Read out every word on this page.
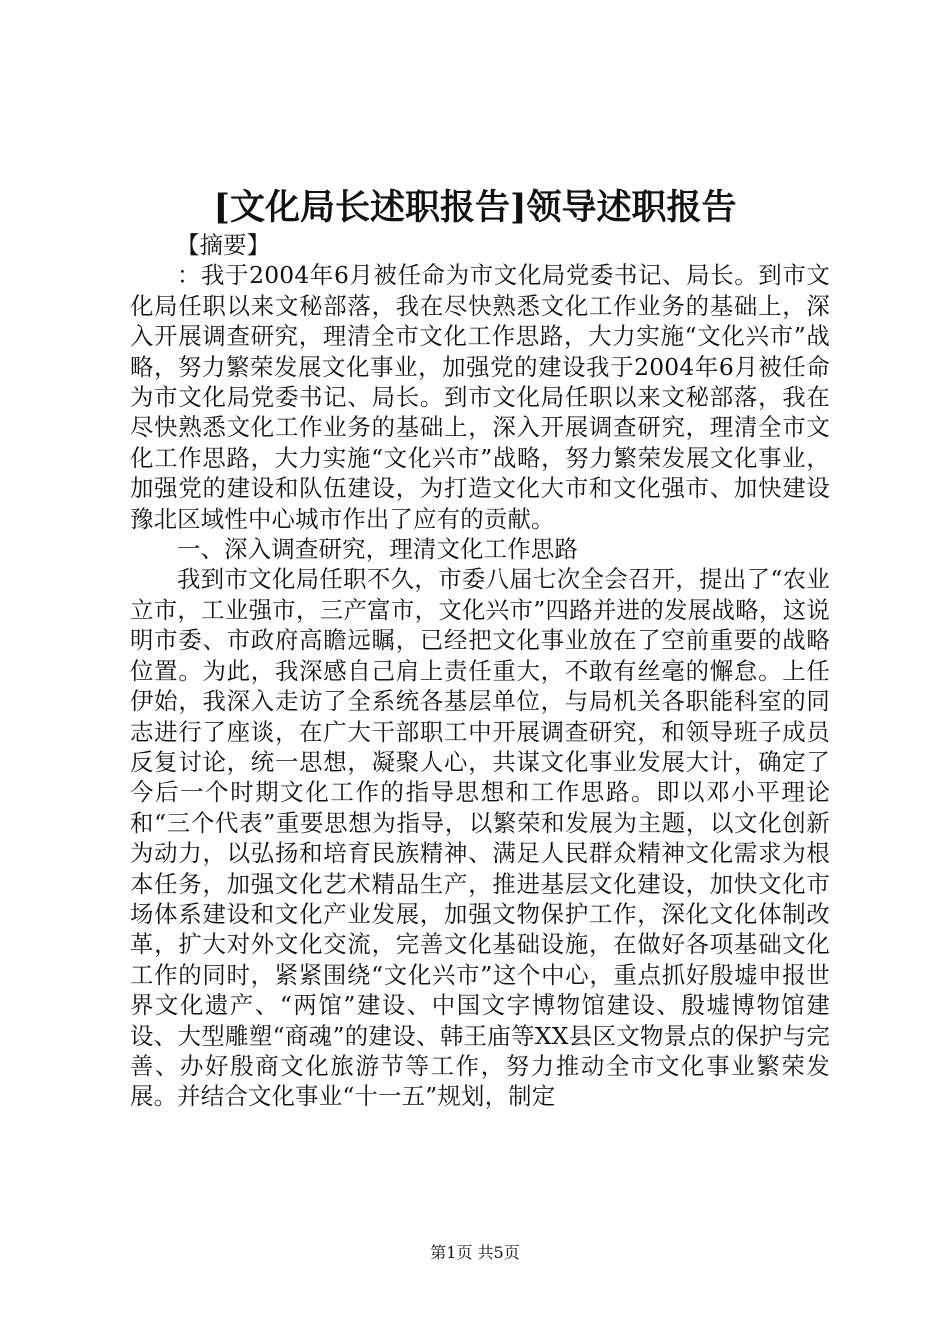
[文化局长述职报告]领导述职报告

【摘要】

：我于2004年6月被任命为市文化局党委书记、局长。到市文化局任职以来文秘部落，我在尽快熟悉文化工作业务的基础上，深入开展调查研究，理清全市文化工作思路，大力实施“文化兴市”战略，努力繁荣发展文化事业，加强党的建设我于2004年6月被任命为市文化局党委书记、局长。到市文化局任职以来文秘部落，我在尽快熟悉文化工作业务的基础上，深入开展调查研究，理清全市文化工作思路，大力实施“文化兴市”战略，努力繁荣发展文化事业，加强党的建设和队伍建设，为打造文化大市和文化强市、加快建设豫北区域性中心城市作出了应有的贡献。

一、深入调查研究，理清文化工作思路

我到市文化局任职不久，市委八届七次全会召开，提出了“农业立市，工业强市，三产富市，文化兴市”四路并进的发展战略，这说明市委、市政府高瞻远瞩，已经把文化事业放在了空前重要的战略位置。为此，我深感自己肩上责任重大，不敢有丝毫的懈怠。上任伊始，我深入走访了全系统各基层单位，与局机关各职能科室的同志进行了座谈，在广大干部职工中开展调查研究，和领导班子成员反复讨论，统一思想，凝聚人心，共谋文化事业发展大计，确定了今后一个时期文化工作的指导思想和工作思路。即以邓小平理论和“三个代表”重要思想为指导，以繁荣和发展为主题，以文化创新为动力，以弘扬和培育民族精神、满足人民群众精神文化需求为根本任务，加强文化艺术精品生产，推进基层文化建设，加快文化市场体系建设和文化产业发展，加强文物保护工作，深化文化体制改革，扩大对外文化交流，完善文化基础设施，在做好各项基础文化工作的同时，紧紧围绕“文化兴市”这个中心，重点抓好殷墟申报世界文化遗产、“两馆”建设、中国文字博物馆建设、殷墟博物馆建设、大型雕塑“商魂”的建设、韩王庙等XX县区文物景点的保护与完善、办好殷商文化旅游节等工作，努力推动全市文化事业繁荣发展。并结合文化事业“十一五”规划，制定

第1页 共5页
